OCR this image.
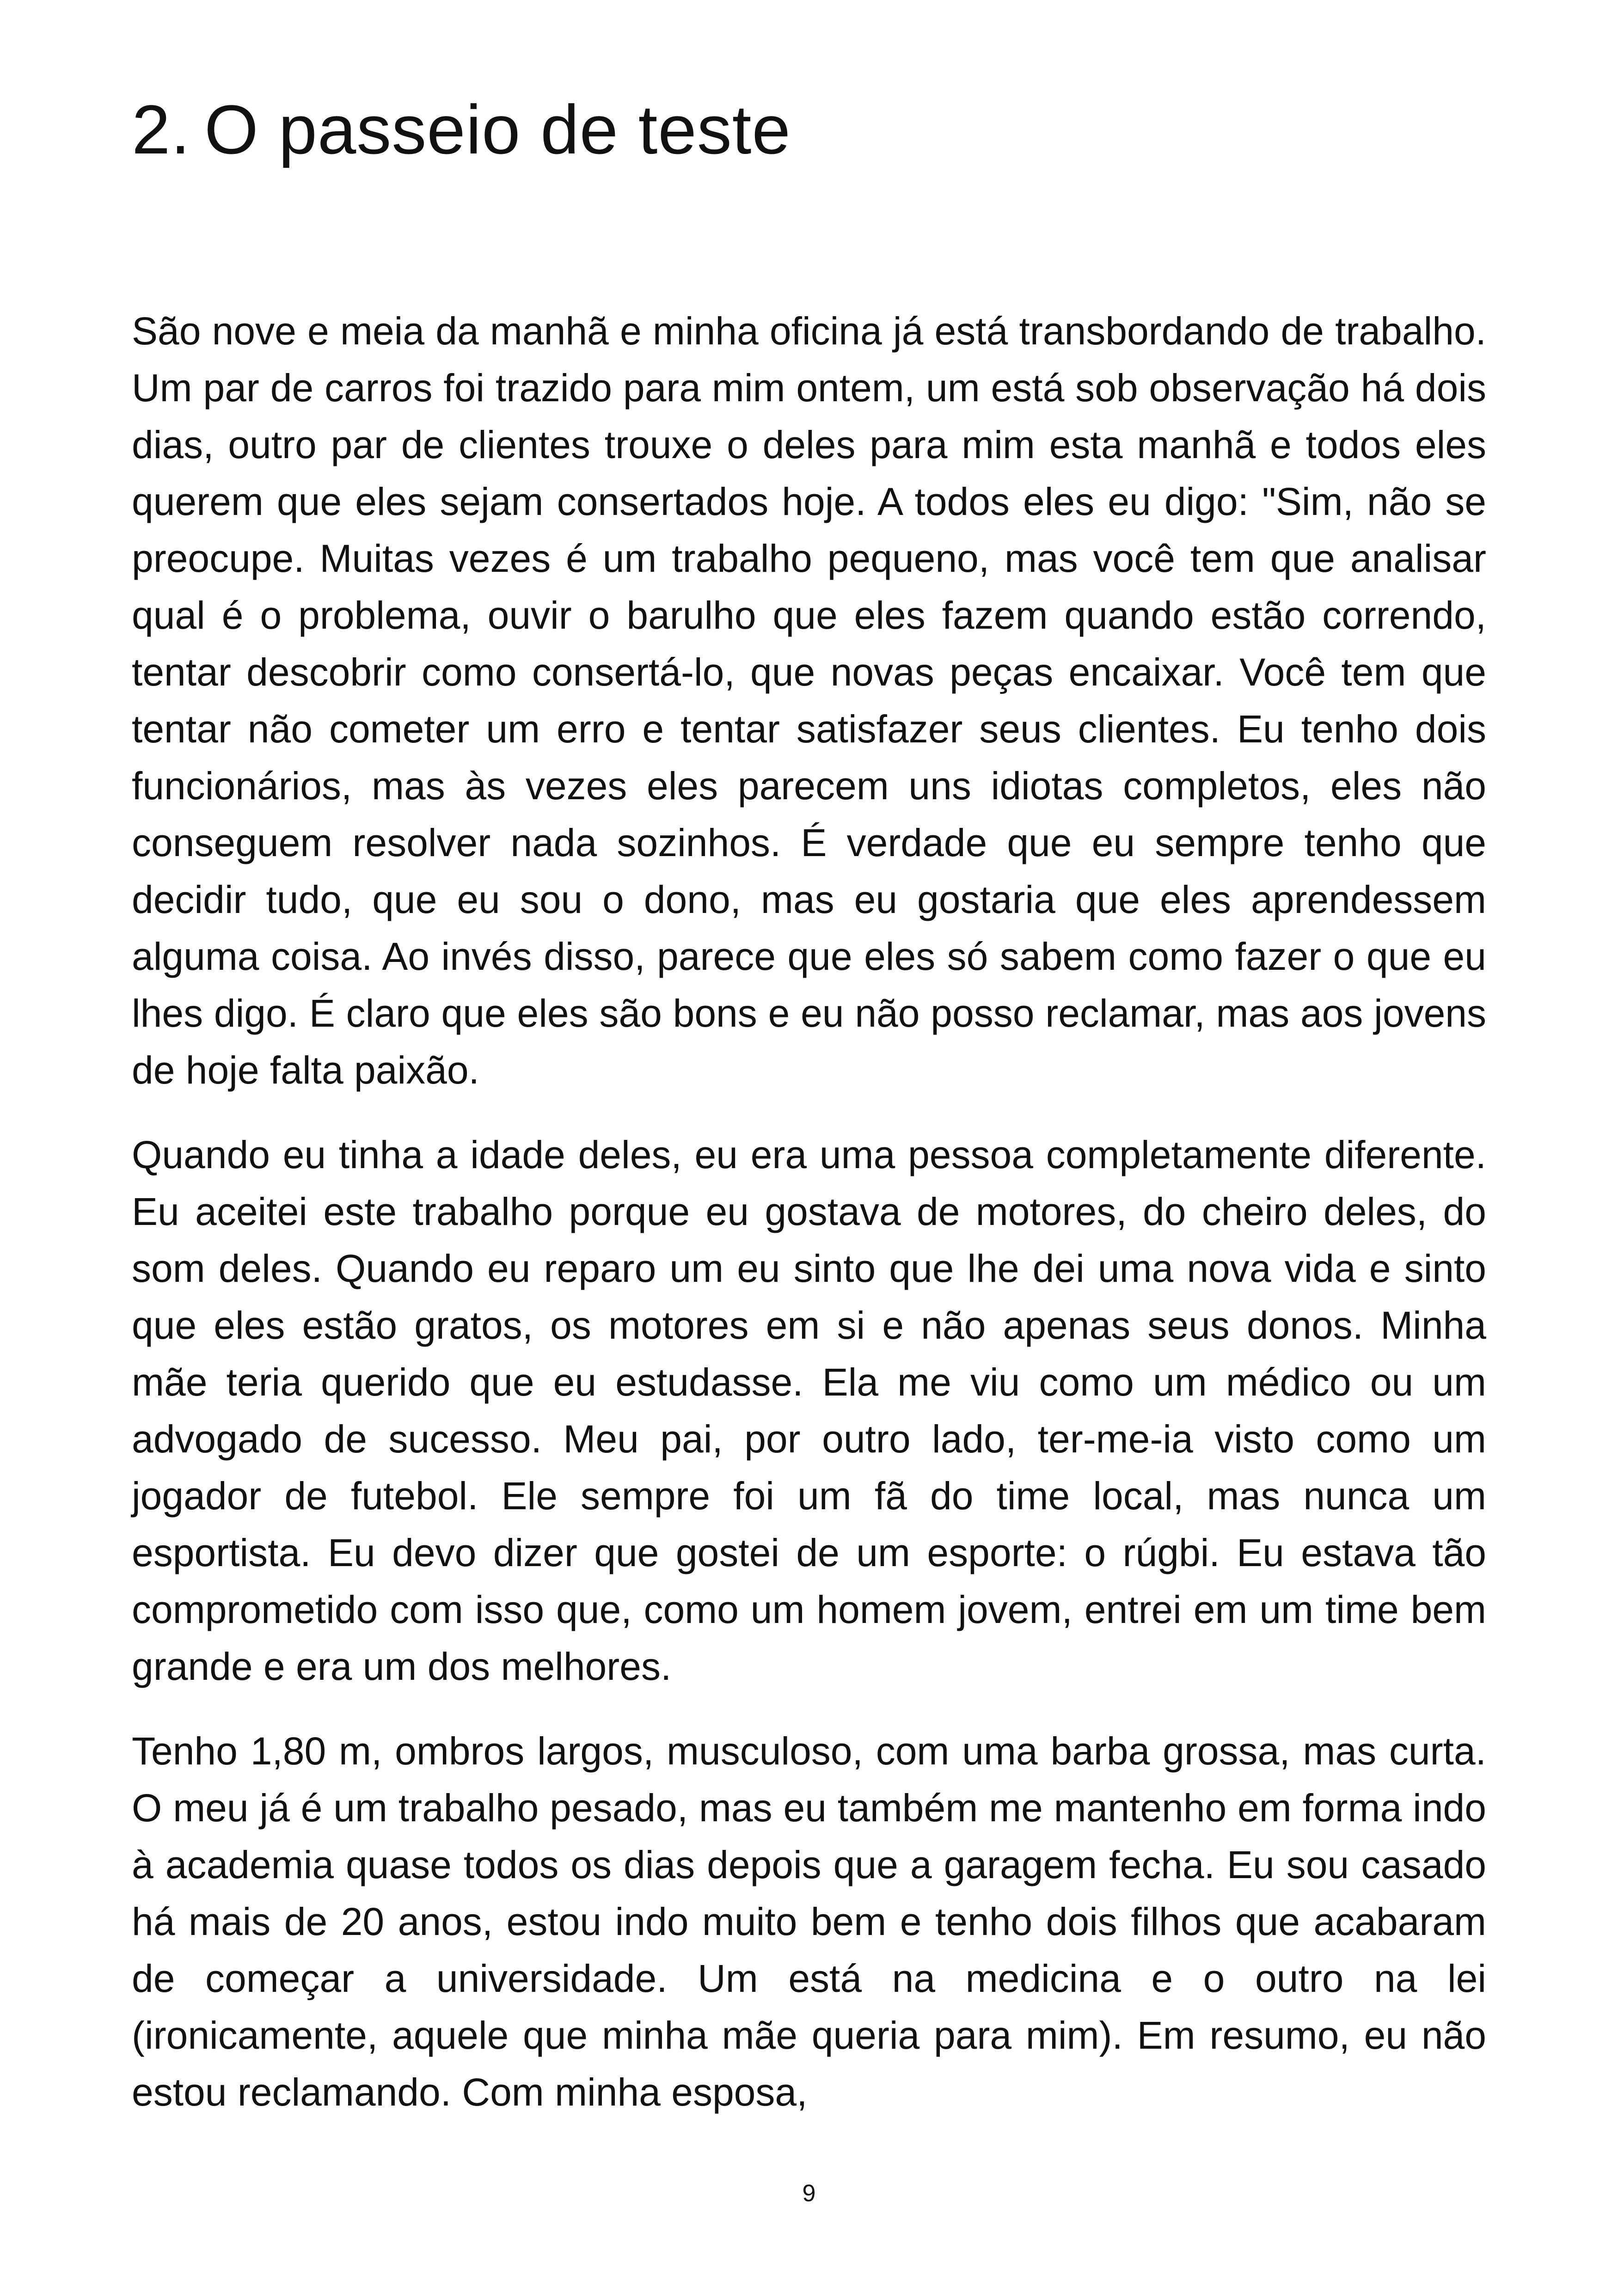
2. O passeio de teste

São nove e meia da manhã e minha oficina já está transbordando de trabalho. Um par de carros foi trazido para mim ontem, um está sob observação há dois dias, outro par de clientes trouxe o deles para mim esta manhã e todos eles querem que eles sejam consertados hoje. A todos eles eu digo: "Sim, não se preocupe. Muitas vezes é um trabalho pequeno, mas você tem que analisar qual é o problema, ouvir o barulho que eles fazem quando estão correndo, tentar descobrir como consertá-lo, que novas peças encaixar. Você tem que tentar não cometer um erro e tentar satisfazer seus clientes. Eu tenho dois funcionários, mas às vezes eles parecem uns idiotas completos, eles não conseguem resolver nada sozinhos. É verdade que eu sempre tenho que decidir tudo, que eu sou o dono, mas eu gostaria que eles aprendessem alguma coisa. Ao invés disso, parece que eles só sabem como fazer o que eu lhes digo. É claro que eles são bons e eu não posso reclamar, mas aos jovens de hoje falta paixão.

Quando eu tinha a idade deles, eu era uma pessoa completamente diferente. Eu aceitei este trabalho porque eu gostava de motores, do cheiro deles, do som deles. Quando eu reparo um eu sinto que lhe dei uma nova vida e sinto que eles estão gratos, os motores em si e não apenas seus donos. Minha mãe teria querido que eu estudasse. Ela me viu como um médico ou um advogado de sucesso. Meu pai, por outro lado, ter-me-ia visto como um jogador de futebol. Ele sempre foi um fã do time local, mas nunca um esportista. Eu devo dizer que gostei de um esporte: o rúgbi. Eu estava tão comprometido com isso que, como um homem jovem, entrei em um time bem grande e era um dos melhores.

Tenho 1,80 m, ombros largos, musculoso, com uma barba grossa, mas curta. O meu já é um trabalho pesado, mas eu também me mantenho em forma indo à academia quase todos os dias depois que a garagem fecha. Eu sou casado há mais de 20 anos, estou indo muito bem e tenho dois filhos que acabaram de começar a universidade. Um está na medicina e o outro na lei (ironicamente, aquele que minha mãe queria para mim). Em resumo, eu não estou reclamando. Com minha esposa,

9
